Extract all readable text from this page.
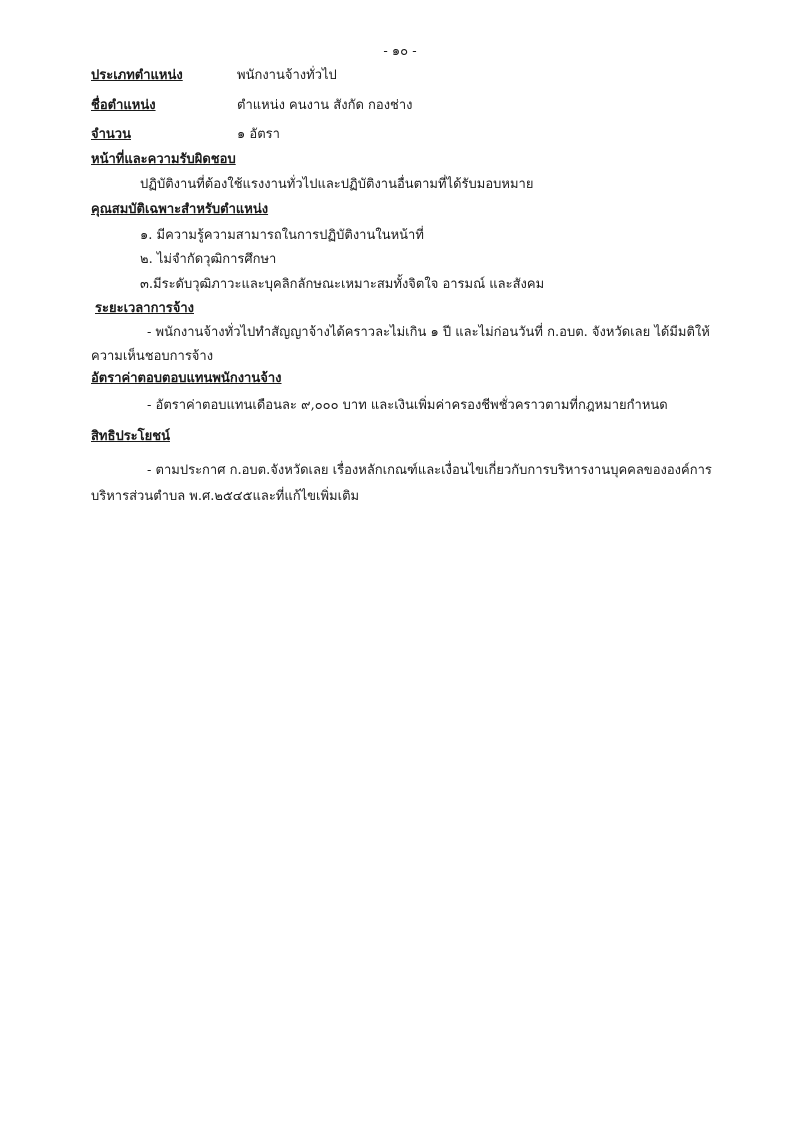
- ๑๐ -
ประเภทตำแหน่ง	พนักงานจ้างทั่วไป
ชื่อตำแหน่ง	ตำแหน่ง คนงาน สังกัด กองช่าง
จำนวน	๑ อัตรา
หน้าที่และความรับผิดชอบ
ปฏิบัติงานที่ต้องใช้แรงงานทั่วไปและปฏิบัติงานอื่นตามที่ได้รับมอบหมาย
คุณสมบัติเฉพาะสำหรับตำแหน่ง
๑. มีความรู้ความสามารถในการปฏิบัติงานในหน้าที่
๒. ไม่จำกัดวุฒิการศึกษา
๓.มีระดับวุฒิภาวะและบุคลิกลักษณะเหมาะสมทั้งจิตใจ อารมณ์ และสังคม
ระยะเวลาการจ้าง
- พนักงานจ้างทั่วไปทำสัญญาจ้างได้คราวละไม่เกิน ๑ ปี และไม่ก่อนวันที่ ก.อบต. จังหวัดเลย ได้มีมติให้
ความเห็นชอบการจ้าง
อัตราค่าตอบตอบแทนพนักงานจ้าง
- อัตราค่าตอบแทนเดือนละ ๙,๐๐๐ บาท และเงินเพิ่มค่าครองชีพชั่วคราวตามที่กฎหมายกำหนด
สิทธิประโยชน์
- ตามประกาศ ก.อบต.จังหวัดเลย เรื่องหลักเกณฑ์และเงื่อนไขเกี่ยวกับการบริหารงานบุคคลขององค์การ
บริหารส่วนตำบล พ.ศ.๒๕๔๕และที่แก้ไขเพิ่มเติม
